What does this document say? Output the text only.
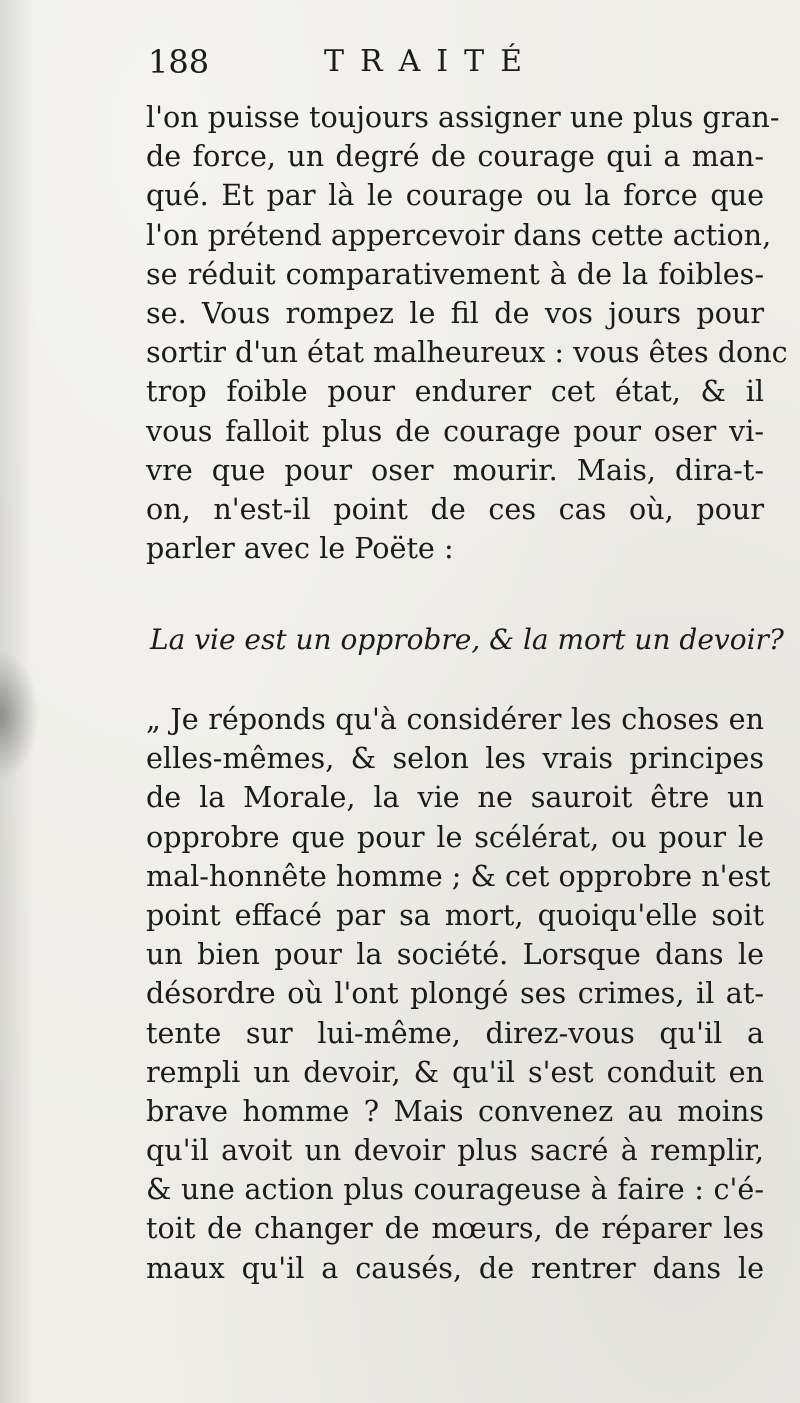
188	TRAITÉ
l'on puisse toujours assigner une plus gran-
de force, un degré de courage qui a man-
qué. Et par là le courage ou la force que
l'on prétend appercevoir dans cette action,
se réduit comparativement à de la foibles-
se. Vous rompez le fil de vos jours pour
sortir d'un état malheureux : vous êtes donc
trop foible pour endurer cet état, & il
vous falloit plus de courage pour oser vi-
vre que pour oser mourir. Mais, dira-t-
on, n'est-il point de ces cas où, pour
parler avec le Poëte :
La vie est un opprobre, & la mort un devoir?
„ Je réponds qu'à considérer les choses en
elles-mêmes, & selon les vrais principes
de la Morale, la vie ne sauroit être un
opprobre que pour le scélérat, ou pour le
mal-honnête homme ; & cet opprobre n'est
point effacé par sa mort, quoiqu'elle soit
un bien pour la société. Lorsque dans le
désordre où l'ont plongé ses crimes, il at-
tente sur lui-même, direz-vous qu'il a
rempli un devoir, & qu'il s'est conduit en
brave homme ? Mais convenez au moins
qu'il avoit un devoir plus sacré à remplir,
& une action plus courageuse à faire : c'é-
toit de changer de mœurs, de réparer les
maux qu'il a causés, de rentrer dans le
